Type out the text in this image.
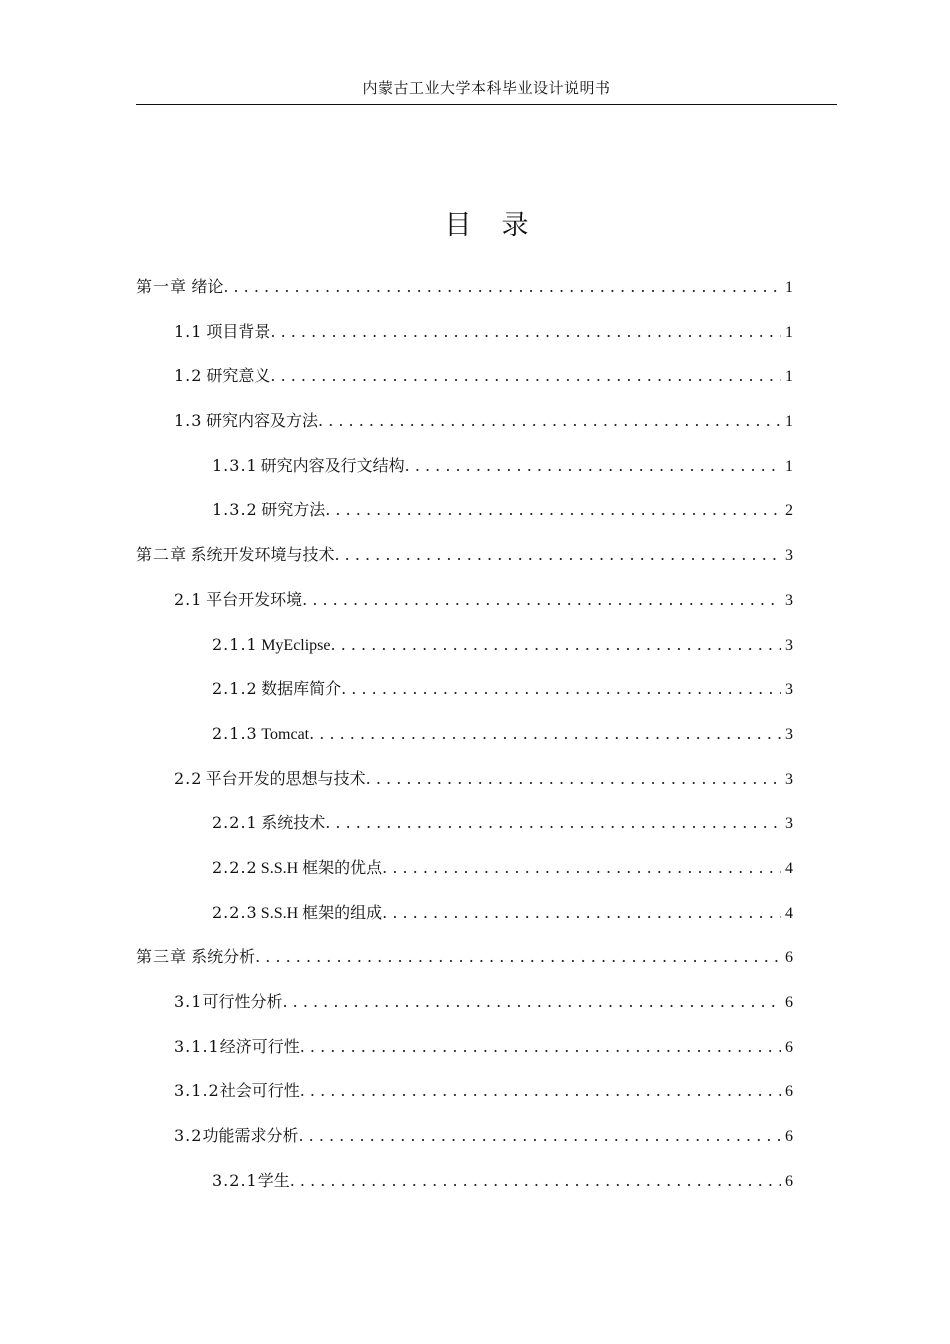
内蒙古工业大学本科毕业设计说明书
目录
第一章 绪论 . . .	1
1.1 项目背景 . . .	1
1.2 研究意义 . . .	1
1.3 研究内容及方法 . . .	1
1.3.1 研究内容及行文结构 . . .	1
1.3.2 研究方法 . . .	2
第二章 系统开发环境与技术 . . .	3
2.1 平台开发环境 . . .	3
2.1.1 MyEclipse . . .	3
2.1.2 数据库简介 . . .	3
2.1.3 Tomcat . . .	3
2.2 平台开发的思想与技术 . . .	3
2.2.1 系统技术 . . .	3
2.2.2 S.S.H 框架的优点 . . .	4
2.2.3 S.S.H 框架的组成 . . .	4
第三章 系统分析 . . .	6
3.1 可行性分析 . . .	6
3.1.1 经济可行性 . . .	6
3.1.2 社会可行性 . . .	6
3.2 功能需求分析 . . .	6
3.2.1 学生 . . .	6
